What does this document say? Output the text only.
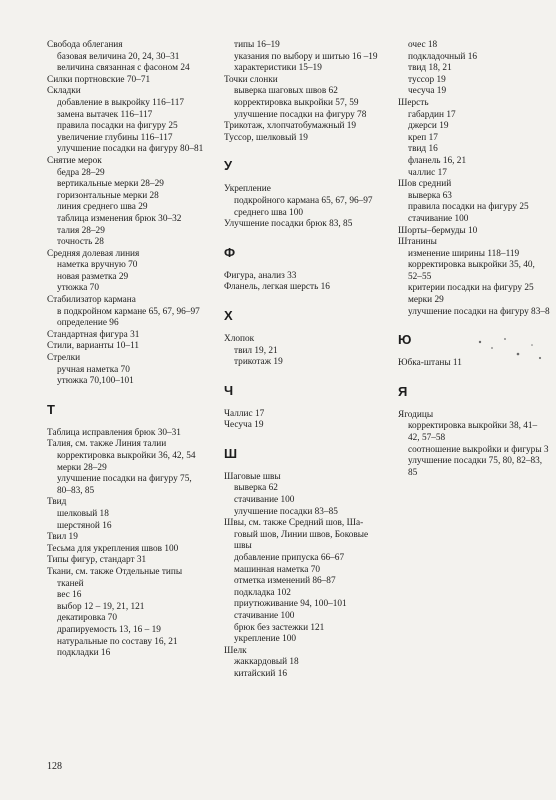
Свобода облегания
базовая величина 20, 24, 30–31
величина связанная с фасоном 24
Силки портновские 70–71
Складки
добавление в выкройку 116–117
замена вытачек 116–117
правила посадки на фигуру 25
увеличение глубины 116–117
улучшение посадки на фигуру 80–81
Снятие мерок
бедра 28–29
вертикальные мерки 28–29
горизонтальные мерки 28
линия среднего шва 29
таблица изменения брюк 30–32
талия 28–29
точность 28
Средняя долевая линия
наметка вручную 70
новая разметка 29
утюжка 70
Стабилизатор кармана
в подкройном кармане 65, 67, 96–97
определение 96
Стандартная фигура 31
Стили, варианты 10–11
Стрелки
ручная наметка 70
утюжка 70,100–101
Т
Таблица исправления брюк 30–31
Талия, см. также Линия талии
корректировка выкройки 36, 42, 54
мерки 28–29
улучшение посадки на фигуру 75,
80–83, 85
Твид
шелковый 18
шерстяной 16
Твил 19
Тесьма для укрепления швов 100
Типы фигур, стандарт 31
Ткани, см. также Отдельные типы
тканей
вес 16
выбор 12 – 19, 21, 121
декатировка 70
драпируемость 13, 16 – 19
натуральные по составу 16, 21
подкладки 16
типы 16–19
указания по выбору и шитью 16 –19
характеристики 15–19
Точки слонки
выверка шаговых швов 62
корректировка выкройки 57, 59
улучшение посадки на фигуру 78
Трикотаж, хлопчатобумажный 19
Туссор, шелковый 19
У
Укрепление
подкройного кармана 65, 67, 96–97
среднего шва 100
Улучшение посадки брюк 83, 85
Ф
Фигура, анализ 33
Фланель, легкая шерсть 16
Х
Хлопок
твил 19, 21
трикотаж 19
Ч
Чаллис 17
Чесуча 19
Ш
Шаговые швы
выверка 62
стачивание 100
улучшение посадки 83–85
Швы, см. также Средний шов, Ша-
говый шов, Линии швов, Боковые
швы
добавление припуска 66–67
машинная наметка 70
отметка изменений 86–87
подкладка 102
приутюживание 94, 100–101
стачивание 100
брюк без застежки 121
укрепление 100
Шелк
жаккардовый 18
китайский 16
очес 18
подкладочный 16
твид 18, 21
туссор 19
чесуча 19
Шерсть
габардин 17
джерси 19
креп 17
твид 16
фланель 16, 21
чаллис 17
Шов средний
выверка 63
правила посадки на фигуру 25
стачивание 100
Шорты–бермуды 10
Штанины
изменение ширины 118–119
корректировка выкройки 35, 40,
52–55
критерии посадки на фигуру 25
мерки 29
улучшение посадки на фигуру 83–8
Ю
Юбка-штаны 11
Я
Ягодицы
корректировка выкройки 38, 41–
42, 57–58
соотношение выкройки и фигуры 3
улучшение посадки 75, 80, 82–83,
85
128
